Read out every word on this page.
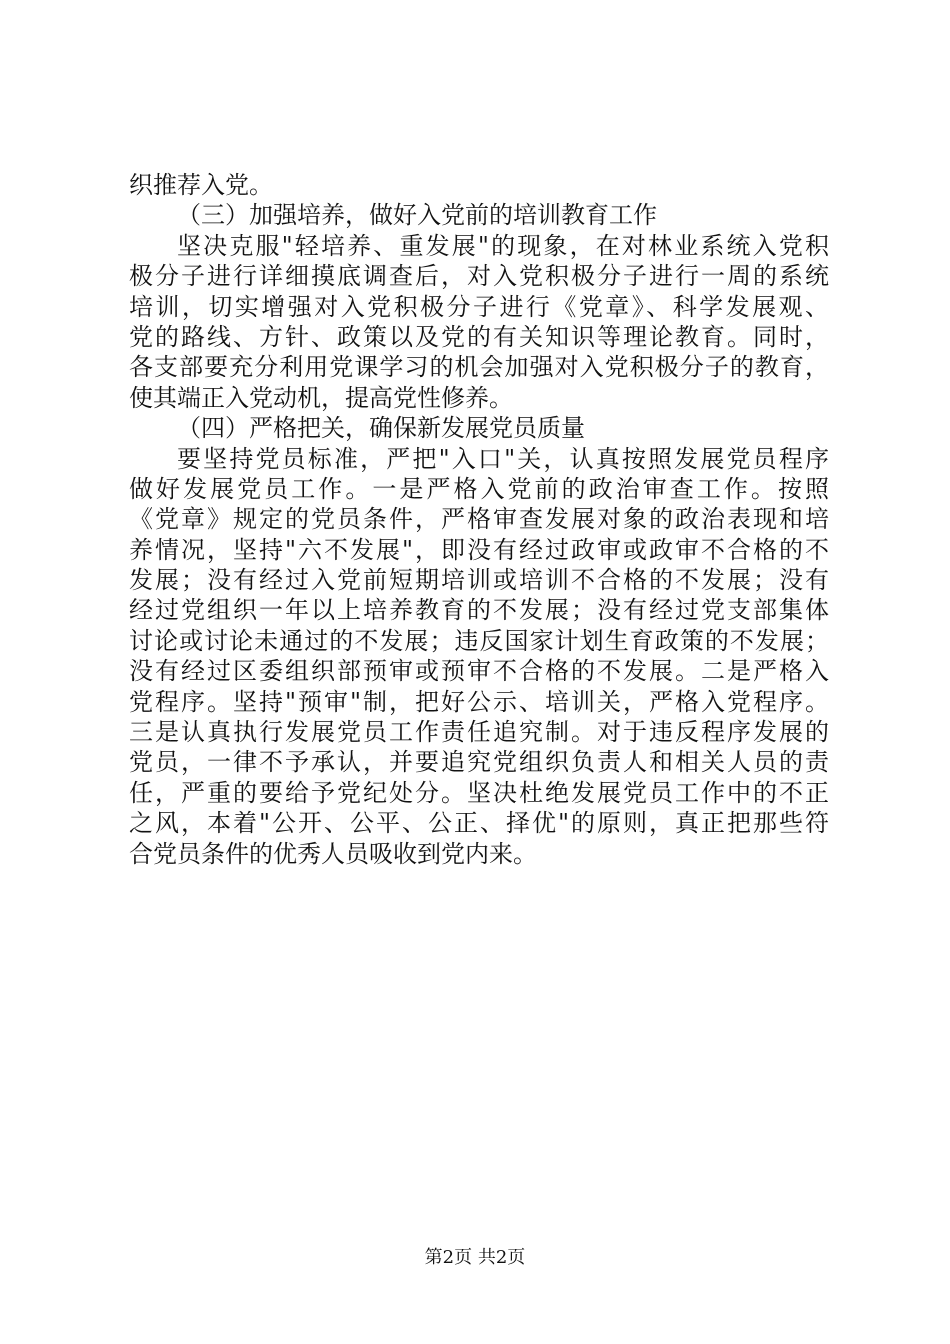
织推荐入党。
（三）加强培养，做好入党前的培训教育工作
坚决克服"轻培养、重发展"的现象，在对林业系统入党积
极分子进行详细摸底调查后，对入党积极分子进行一周的系统
培训，切实增强对入党积极分子进行《党章》、科学发展观、
党的路线、方针、政策以及党的有关知识等理论教育。同时，
各支部要充分利用党课学习的机会加强对入党积极分子的教育，
使其端正入党动机，提高党性修养。
（四）严格把关，确保新发展党员质量
要坚持党员标准，严把"入口"关，认真按照发展党员程序
做好发展党员工作。一是严格入党前的政治审查工作。按照
《党章》规定的党员条件，严格审查发展对象的政治表现和培
养情况，坚持"六不发展"，即没有经过政审或政审不合格的不
发展；没有经过入党前短期培训或培训不合格的不发展；没有
经过党组织一年以上培养教育的不发展；没有经过党支部集体
讨论或讨论未通过的不发展；违反国家计划生育政策的不发展；
没有经过区委组织部预审或预审不合格的不发展。二是严格入
党程序。坚持"预审"制，把好公示、培训关，严格入党程序。
三是认真执行发展党员工作责任追究制。对于违反程序发展的
党员，一律不予承认，并要追究党组织负责人和相关人员的责
任，严重的要给予党纪处分。坚决杜绝发展党员工作中的不正
之风，本着"公开、公平、公正、择优"的原则，真正把那些符
合党员条件的优秀人员吸收到党内来。
第2页 共2页
